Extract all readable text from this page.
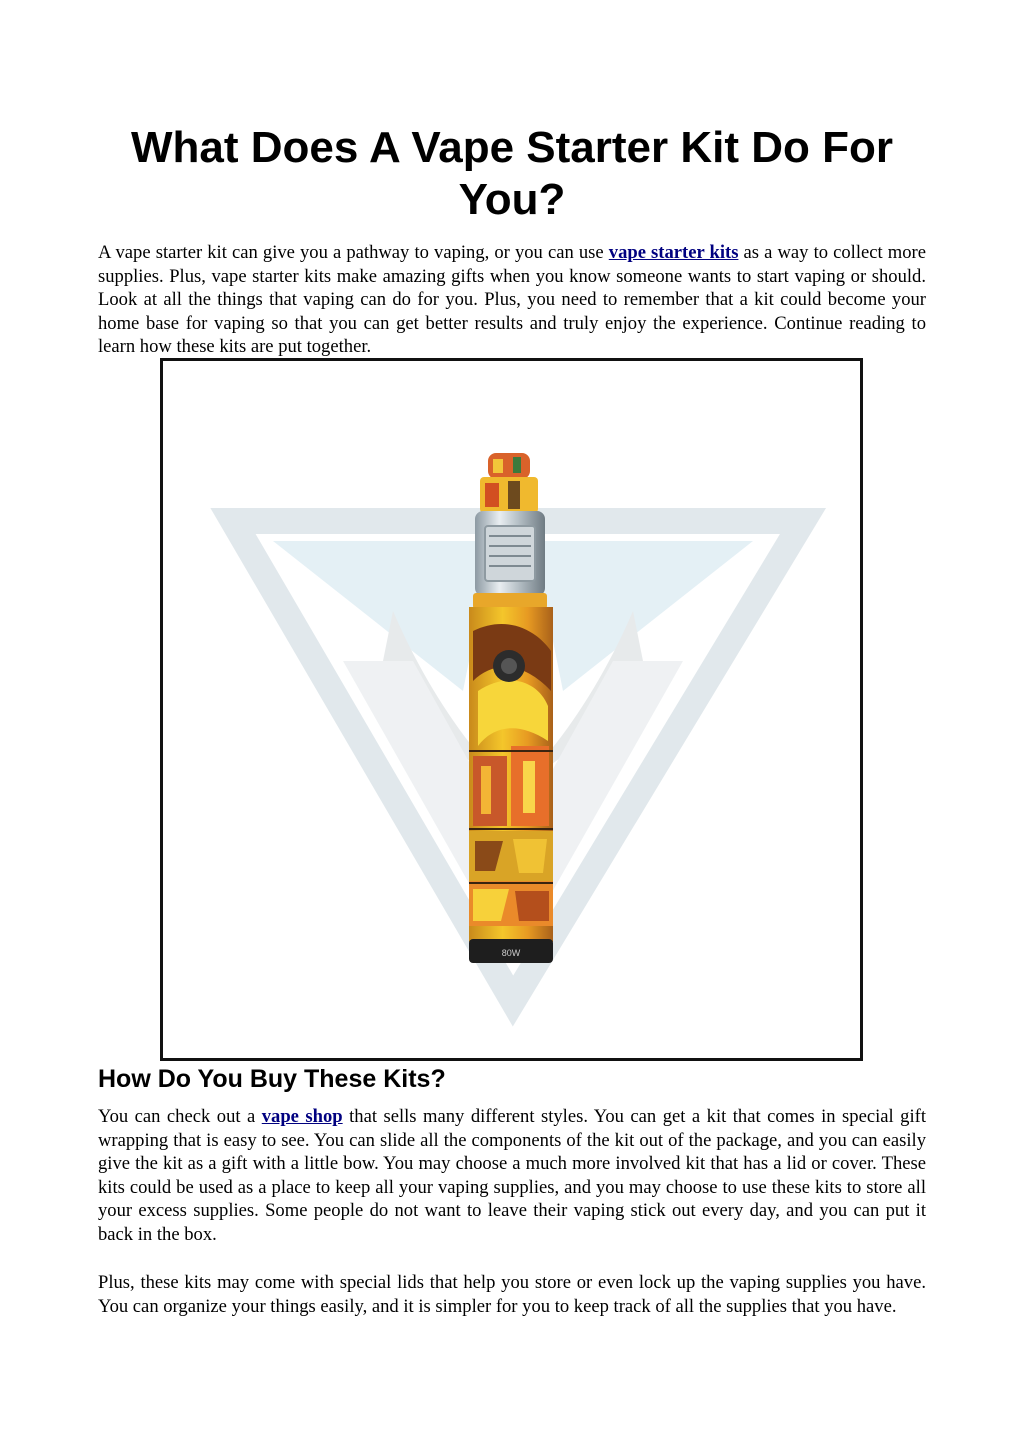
What Does A Vape Starter Kit Do For You?

A vape starter kit can give you a pathway to vaping, or you can use vape starter kits as a way to collect more supplies. Plus, vape starter kits make amazing gifts when you know someone wants to start vaping or should. Look at all the things that vaping can do for you. Plus, you need to remember that a kit could become your home base for vaping so that you can get better results and truly enjoy the experience. Continue reading to learn how these kits are put together.

80W
How Do You Buy These Kits?

You can check out a vape shop that sells many different styles. You can get a kit that comes in special gift wrapping that is easy to see. You can slide all the components of the kit out of the package, and you can easily give the kit as a gift with a little bow. You may choose a much more involved kit that has a lid or cover. These kits could be used as a place to keep all your vaping supplies, and you may choose to use these kits to store all your excess supplies. Some people do not want to leave their vaping stick out every day, and you can put it back in the box.

Plus, these kits may come with special lids that help you store or even lock up the vaping supplies you have. You can organize your things easily, and it is simpler for you to keep track of all the supplies that you have.
